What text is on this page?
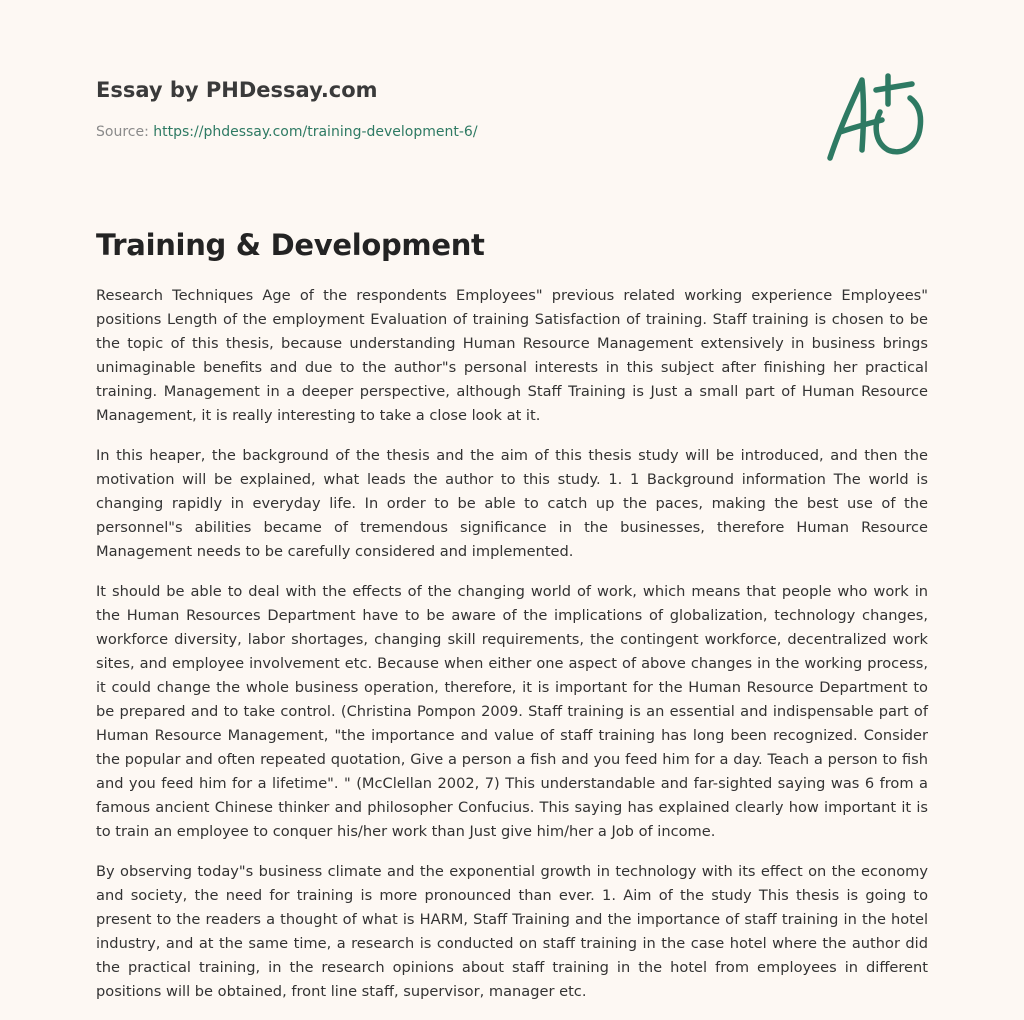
Essay by PHDessay.com
Source: https://phdessay.com/training-development-6/
Training & Development

Research Techniques Age of the respondents Employees" previous related working experience Employees" positions Length of the employment Evaluation of training Satisfaction of training. Staff training is chosen to be the topic of this thesis, because understanding Human Resource Management extensively in business brings unimaginable benefits and due to the author"s personal interests in this subject after finishing her practical training. Management in a deeper perspective, although Staff Training is Just a small part of Human Resource Management, it is really interesting to take a close look at it.

In this heaper, the background of the thesis and the aim of this thesis study will be introduced, and then the motivation will be explained, what leads the author to this study. 1. 1 Background information The world is changing rapidly in everyday life. In order to be able to catch up the paces, making the best use of the personnel"s abilities became of tremendous significance in the businesses, therefore Human Resource Management needs to be carefully considered and implemented.

It should be able to deal with the effects of the changing world of work, which means that people who work in the Human Resources Department have to be aware of the implications of globalization, technology changes, workforce diversity, labor shortages, changing skill requirements, the contingent workforce, decentralized work sites, and employee involvement etc. Because when either one aspect of above changes in the working process, it could change the whole business operation, therefore, it is important for the Human Resource Department to be prepared and to take control. (Christina Pompon 2009. Staff training is an essential and indispensable part of Human Resource Management, "the importance and value of staff training has long been recognized. Consider the popular and often repeated quotation, Give a person a fish and you feed him for a day. Teach a person to fish and you feed him for a lifetime". " (McClellan 2002, 7) This understandable and far-sighted saying was 6 from a famous ancient Chinese thinker and philosopher Confucius. This saying has explained clearly how important it is to train an employee to conquer his/her work than Just give him/her a Job of income.

By observing today"s business climate and the exponential growth in technology with its effect on the economy and society, the need for training is more pronounced than ever. 1. Aim of the study This thesis is going to present to the readers a thought of what is HARM, Staff Training and the importance of staff training in the hotel industry, and at the same time, a research is conducted on staff training in the case hotel where the author did the practical training, in the research opinions about staff training in the hotel from employees in different positions will be obtained, front line staff, supervisor, manager etc.
